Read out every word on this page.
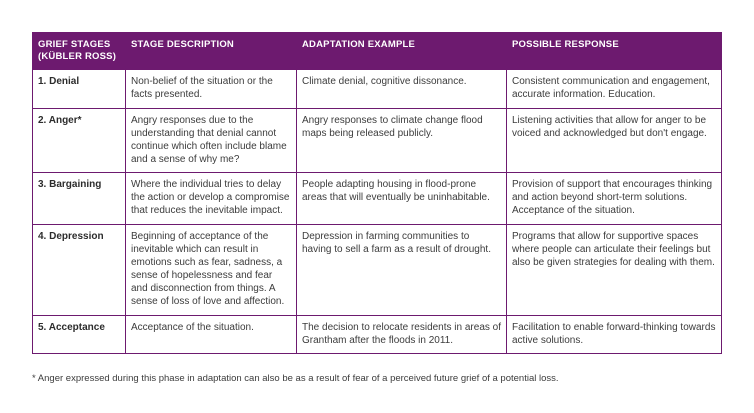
GRIEF STAGES
(KÜBLER ROSS)	STAGE DESCRIPTION	ADAPTATION EXAMPLE	POSSIBLE RESPONSE
1. Denial	Non-belief of the situation or the facts presented.	Climate denial, cognitive dissonance.	Consistent communication and engagement, accurate information. Education.
2. Anger*	Angry responses due to the understanding that denial cannot continue which often include blame and a sense of why me?	Angry responses to climate change flood maps being released publicly.	Listening activities that allow for anger to be voiced and acknowledged but don't engage.
3. Bargaining	Where the individual tries to delay the action or develop a compromise that reduces the inevitable impact.	People adapting housing in flood-prone areas that will eventually be uninhabitable.	Provision of support that encourages thinking and action beyond short-term solutions. Acceptance of the situation.
4. Depression	Beginning of acceptance of the inevitable which can result in emotions such as fear, sadness, a sense of hopelessness and fear and disconnection from things. A sense of loss of love and affection.	Depression in farming communities to having to sell a farm as a result of drought.	Programs that allow for supportive spaces where people can articulate their feelings but also be given strategies for dealing with them.
5. Acceptance	Acceptance of the situation.	The decision to relocate residents in areas of Grantham after the floods in 2011.	Facilitation to enable forward-thinking towards active solutions.
* Anger expressed during this phase in adaptation can also be as a result of fear of a perceived future grief of a potential loss.
